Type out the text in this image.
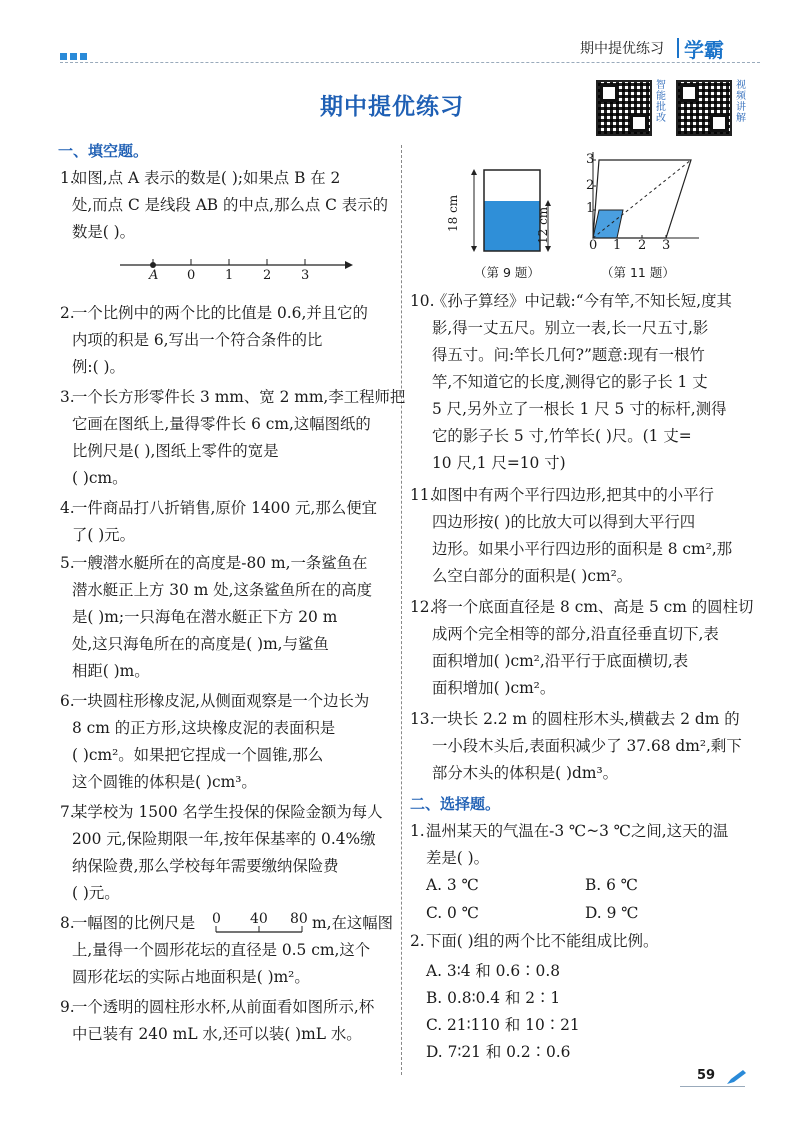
期中提优练习 学霸
期中提优练习
智能批改
视频讲解
一、填空题。
1.
如图,点 A 表示的数是( );如果点 B 在 2
处,而点 C 是线段 AB 的中点,那么点 C 表示的
数是( )。
A 0 1 2 3
2.
一个比例中的两个比的比值是 0.6,并且它的
内项的积是 6,写出一个符合条件的比
例:( )。
3.
一个长方形零件长 3 mm、宽 2 mm,李工程师把
它画在图纸上,量得零件长 6 cm,这幅图纸的
比例尺是( ),图纸上零件的宽是
( )cm。
4.
一件商品打八折销售,原价 1400 元,那么便宜
了( )元。
5.
一艘潜水艇所在的高度是-80 m,一条鲨鱼在
潜水艇正上方 30 m 处,这条鲨鱼所在的高度
是( )m;一只海龟在潜水艇正下方 20 m
处,这只海龟所在的高度是( )m,与鲨鱼
相距( )m。
6.
一块圆柱形橡皮泥,从侧面观察是一个边长为
8 cm 的正方形,这块橡皮泥的表面积是
( )cm²。如果把它捏成一个圆锥,那么
这个圆锥的体积是( )cm³。
7.
某学校为 1500 名学生投保的保险金额为每人
200 元,保险期限一年,按年保基率的 0.4%缴
纳保险费,那么学校每年需要缴纳保险费
( )元。
8.
一幅图的比例尺是 0 40 80 m,在这幅图
上,量得一个圆形花坛的直径是 0.5 cm,这个
圆形花坛的实际占地面积是( )m²。
9.
一个透明的圆柱形水杯,从前面看如图所示,杯
中已装有 240 mL 水,还可以装( )mL 水。
18 cm	12 cm
（第 9 题）
1
2
3
0 1 2 3
（第 11 题）
10.
《孙子算经》中记载:“今有竿,不知长短,度其
影,得一丈五尺。别立一表,长一尺五寸,影
得五寸。问:竿长几何?”题意:现有一根竹
竿,不知道它的长度,测得它的影子长 1 丈
5 尺,另外立了一根长 1 尺 5 寸的标杆,测得
它的影子长 5 寸,竹竿长( )尺。(1 丈=
10 尺,1 尺=10 寸)
11.
如图中有两个平行四边形,把其中的小平行
四边形按( )的比放大可以得到大平行四
边形。如果小平行四边形的面积是 8 cm²,那
么空白部分的面积是( )cm²。
12.
将一个底面直径是 8 cm、高是 5 cm 的圆柱切
成两个完全相等的部分,沿直径垂直切下,表
面积增加( )cm²,沿平行于底面横切,表
面积增加( )cm²。
13.
一块长 2.2 m 的圆柱形木头,横截去 2 dm 的
一小段木头后,表面积减少了 37.68 dm²,剩下
部分木头的体积是( )dm³。
二、选择题。
1. 温州某天的气温在-3 ℃~3 ℃之间,这天的温
差是( )。
A. 3 ℃	B. 6 ℃
C. 0 ℃	D. 9 ℃
2. 下面( )组的两个比不能组成比例。
A. 3∶4 和 0.6∶0.8
B. 0.8∶0.4 和 2∶1
C. 21∶110 和 10∶21
D. 7∶21 和 0.2∶0.6
59
